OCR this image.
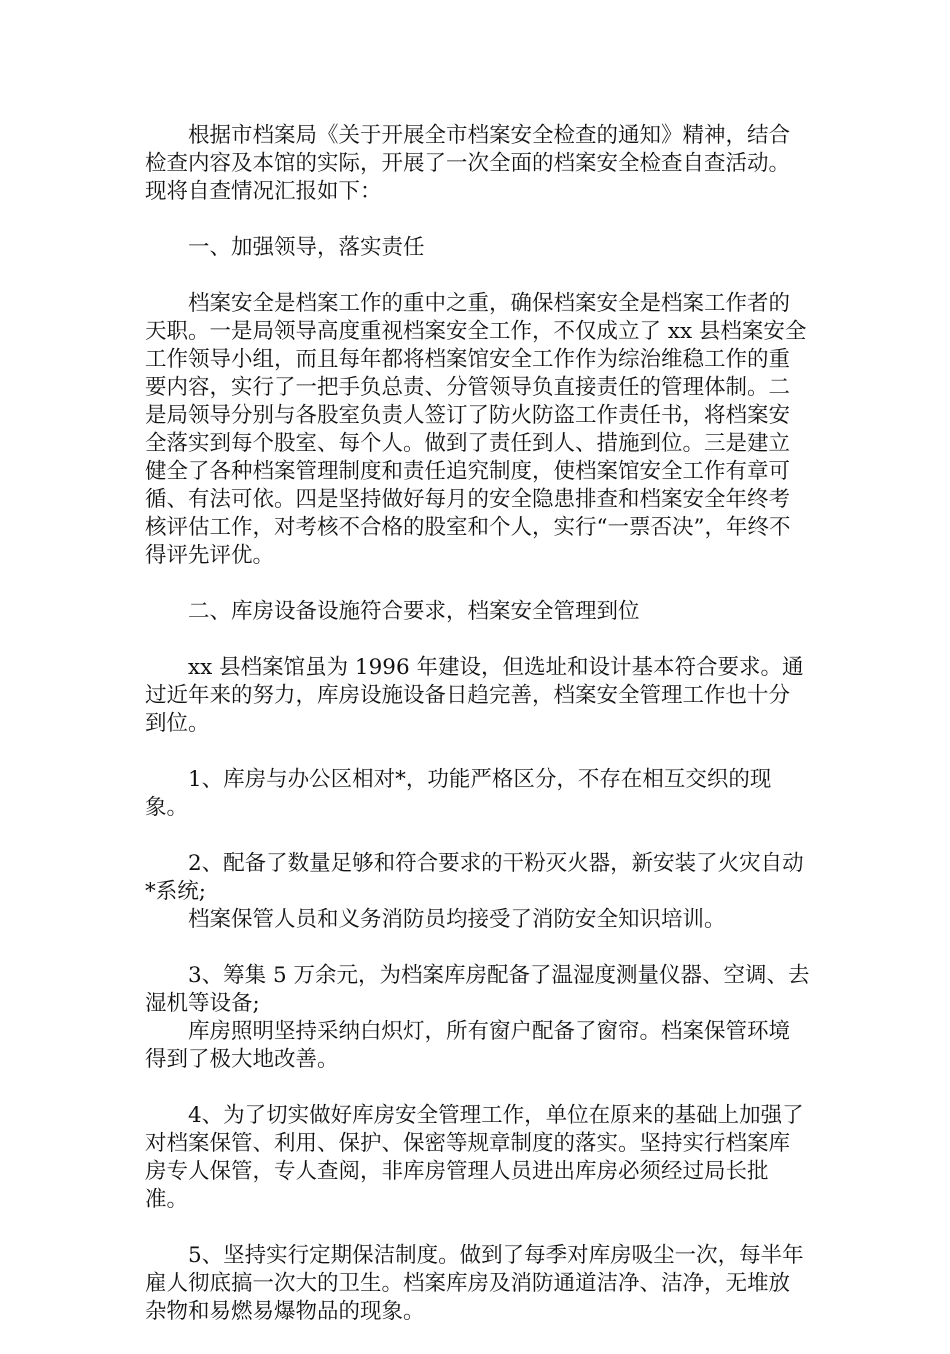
根据市档案局《关于开展全市档案安全检查的通知》精神，结合检查内容及本馆的实际，开展了一次全面的档案安全检查自查活动。现将自查情况汇报如下：

一、加强领导，落实责任

档案安全是档案工作的重中之重，确保档案安全是档案工作者的天职。一是局领导高度重视档案安全工作，不仅成立了 xx 县档案安全工作领导小组，而且每年都将档案馆安全工作作为综治维稳工作的重要内容，实行了一把手负总责、分管领导负直接责任的管理体制。二是局领导分别与各股室负责人签订了防火防盗工作责任书，将档案安全落实到每个股室、每个人。做到了责任到人、措施到位。三是建立健全了各种档案管理制度和责任追究制度，使档案馆安全工作有章可循、有法可依。四是坚持做好每月的安全隐患排查和档案安全年终考核评估工作，对考核不合格的股室和个人，实行“一票否决”，年终不得评先评优。

二、库房设备设施符合要求，档案安全管理到位

xx 县档案馆虽为 1996 年建设，但选址和设计基本符合要求。通过近年来的努力，库房设施设备日趋完善，档案安全管理工作也十分到位。

1、库房与办公区相对*，功能严格区分，不存在相互交织的现象。

2、配备了数量足够和符合要求的干粉灭火器，新安装了火灾自动*系统;

档案保管人员和义务消防员均接受了消防安全知识培训。

3、筹集 5 万余元，为档案库房配备了温湿度测量仪器、空调、去湿机等设备;

库房照明坚持采纳白炽灯，所有窗户配备了窗帘。档案保管环境得到了极大地改善。

4、为了切实做好库房安全管理工作，单位在原来的基础上加强了对档案保管、利用、保护、保密等规章制度的落实。坚持实行档案库房专人保管，专人查阅，非库房管理人员进出库房必须经过局长批准。

5、坚持实行定期保洁制度。做到了每季对库房吸尘一次，每半年雇人彻底搞一次大的卫生。档案库房及消防通道洁净、洁净，无堆放杂物和易燃易爆物品的现象。
